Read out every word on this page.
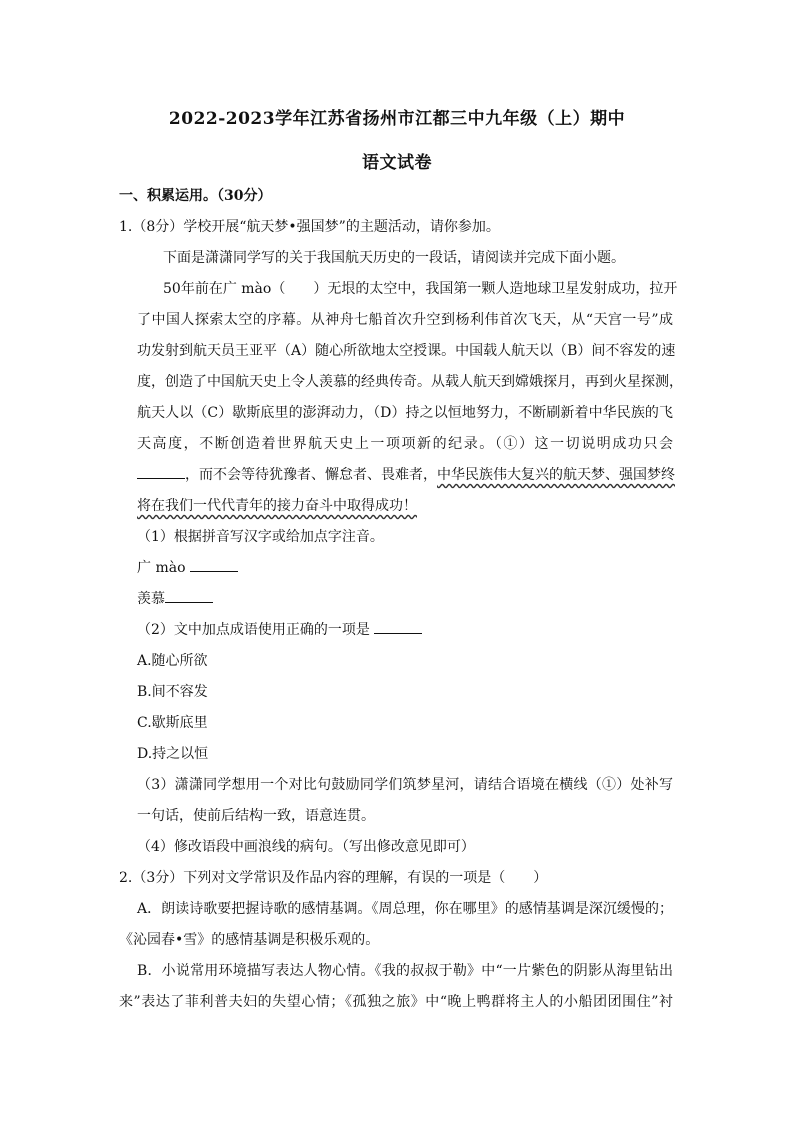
2022-2023学年江苏省扬州市江都三中九年级（上）期中
语文试卷
一、积累运用。（30分）
1.（8分）学校开展“航天梦•强国梦”的主题活动，请你参加。
下面是潇潇同学写的关于我国航天历史的一段话，请阅读并完成下面小题。
50年前在广 mào（　　）无垠的太空中，我国第一颗人造地球卫星发射成功，拉开
了中国人探索太空的序幕。从神舟七船首次升空到杨利伟首次飞天，从“天宫一号”成
功发射到航天员王亚平（A）随心所欲地太空授课。中国载人航天以（B）间不容发的速
度，创造了中国航天史上令人羡慕的经典传奇。从载人航天到嫦娥探月，再到火星探测，
航天人以（C）歇斯底里的澎湃动力，（D）持之以恒地努力，不断刷新着中华民族的飞
天高度，不断创造着世界航天史上一项项新的纪录。（①）这一切说明成功只会
，而不会等待犹豫者、懈怠者、畏难者，中华民族伟大复兴的航天梦、强国梦终
将在我们一代代青年的接力奋斗中取得成功！
（1）根据拼音写汉字或给加点字注音。
广 mào
羡慕
（2）文中加点成语使用正确的一项是
A.随心所欲
B.间不容发
C.歇斯底里
D.持之以恒
（3）潇潇同学想用一个对比句鼓励同学们筑梦星河，请结合语境在横线（①）处补写
一句话，使前后结构一致，语意连贯。
（4）修改语段中画浪线的病句。（写出修改意见即可）
2.（3分）下列对文学常识及作品内容的理解，有误的一项是（　　）
A．朗读诗歌要把握诗歌的感情基调。《周总理，你在哪里》的感情基调是深沉缓慢的；
《沁园春•雪》的感情基调是积极乐观的。
B．小说常用环境描写表达人物心情。《我的叔叔于勒》中“一片紫色的阴影从海里钻出
来”表达了菲利普夫妇的失望心情；《孤独之旅》中“晚上鸭群将主人的小船团团围住”衬
